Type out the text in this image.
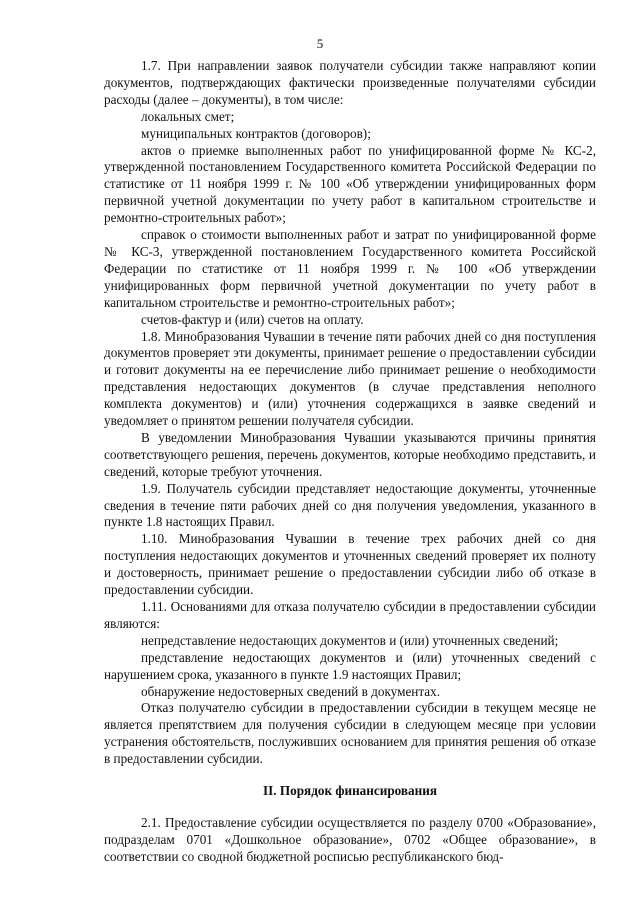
5

1.7. При направлении заявок получатели субсидии также направляют копии документов, подтверждающих фактически произведенные получателями субсидии расходы (далее – документы), в том числе:

локальных смет;

муниципальных контрактов (договоров);

актов о приемке выполненных работ по унифицированной форме № КС-2, утвержденной постановлением Государственного комитета Российской Федерации по статистике от 11 ноября 1999 г. № 100 «Об утверждении унифицированных форм первичной учетной документации по учету работ в капитальном строительстве и ремонтно-строительных работ»;

справок о стоимости выполненных работ и затрат по унифицированной форме № КС-3, утвержденной постановлением Государственного комитета Российской Федерации по статистике от 11 ноября 1999 г. № 100 «Об утверждении унифицированных форм первичной учетной документации по учету работ в капитальном строительстве и ремонтно-строительных работ»;

счетов-фактур и (или) счетов на оплату.

1.8. Минобразования Чувашии в течение пяти рабочих дней со дня поступления документов проверяет эти документы, принимает решение о предоставлении субсидии и готовит документы на ее перечисление либо принимает решение о необходимости представления недостающих документов (в случае представления неполного комплекта документов) и (или) уточнения содержащихся в заявке сведений и уведомляет о принятом решении получателя субсидии.

В уведомлении Минобразования Чувашии указываются причины принятия соответствующего решения, перечень документов, которые необходимо представить, и сведений, которые требуют уточнения.

1.9. Получатель субсидии представляет недостающие документы, уточненные сведения в течение пяти рабочих дней со дня получения уведомления, указанного в пункте 1.8 настоящих Правил.

1.10. Минобразования Чувашии в течение трех рабочих дней со дня поступления недостающих документов и уточненных сведений проверяет их полноту и достоверность, принимает решение о предоставлении субсидии либо об отказе в предоставлении субсидии.

1.11. Основаниями для отказа получателю субсидии в предоставлении субсидии являются:

непредставление недостающих документов и (или) уточненных сведений;

представление недостающих документов и (или) уточненных сведений с нарушением срока, указанного в пункте 1.9 настоящих Правил;

обнаружение недостоверных сведений в документах.

Отказ получателю субсидии в предоставлении субсидии в текущем месяце не является препятствием для получения субсидии в следующем месяце при условии устранения обстоятельств, послуживших основанием для принятия решения об отказе в предоставлении субсидии.

II. Порядок финансирования

2.1. Предоставление субсидии осуществляется по разделу 0700 «Образование», подразделам 0701 «Дошкольное образование», 0702 «Общее образование», в соответствии со сводной бюджетной росписью республиканского бюд-
